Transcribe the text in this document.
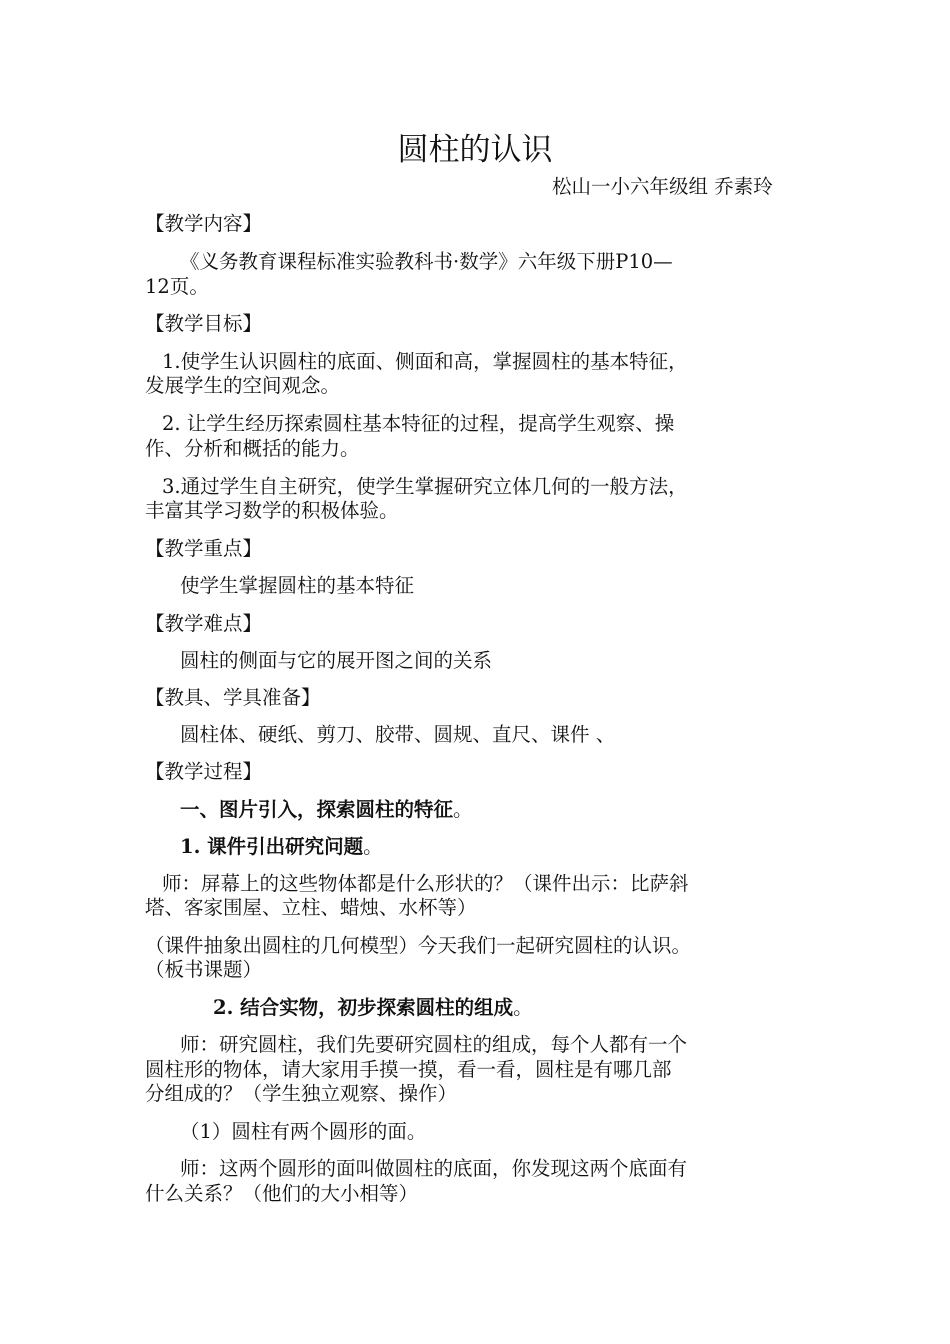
圆柱的认识
松山一小六年级组 乔素玲
【教学内容】
《义务教育课程标准实验教科书·数学》六年级下册P10—
12页。
【教学目标】
1.使学生认识圆柱的底面、侧面和高，掌握圆柱的基本特征，
发展学生的空间观念。
2. 让学生经历探索圆柱基本特征的过程，提高学生观察、操
作、分析和概括的能力。
3.通过学生自主研究，使学生掌握研究立体几何的一般方法，
丰富其学习数学的积极体验。
【教学重点】
使学生掌握圆柱的基本特征
【教学难点】
圆柱的侧面与它的展开图之间的关系
【教具、学具准备】
圆柱体、硬纸、剪刀、胶带、圆规、直尺、课件 、
【教学过程】
一、图片引入，探索圆柱的特征。
1. 课件引出研究问题。
师：屏幕上的这些物体都是什么形状的？（课件出示：比萨斜
塔、客家围屋、立柱、蜡烛、水杯等）
（课件抽象出圆柱的几何模型）今天我们一起研究圆柱的认识。
（板书课题）
2. 结合实物，初步探索圆柱的组成。
师：研究圆柱，我们先要研究圆柱的组成，每个人都有一个
圆柱形的物体，请大家用手摸一摸，看一看，圆柱是有哪几部
分组成的？（学生独立观察、操作）
（1）圆柱有两个圆形的面。
师：这两个圆形的面叫做圆柱的底面，你发现这两个底面有
什么关系？（他们的大小相等）
